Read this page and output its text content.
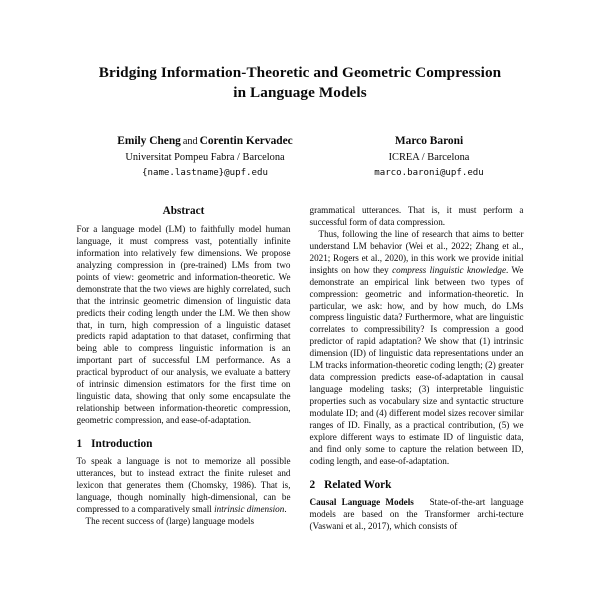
Bridging Information-Theoretic and Geometric Compression
in Language Models
Emily Cheng and Corentin Kervadec
Universitat Pompeu Fabra / Barcelona
{name.lastname}@upf.edu
Marco Baroni
ICREA / Barcelona
marco.baroni@upf.edu
Abstract

For a language model (LM) to faithfully model human language, it must compress vast, potentially infinite information into relatively few dimensions. We propose analyzing compression in (pre-trained) LMs from two points of view: geometric and information-theoretic. We demonstrate that the two views are highly correlated, such that the intrinsic geometric dimension of linguistic data predicts their coding length under the LM. We then show that, in turn, high compression of a linguistic dataset predicts rapid adaptation to that dataset, confirming that being able to compress linguistic information is an important part of successful LM performance. As a practical byproduct of our analysis, we evaluate a battery of intrinsic dimension estimators for the first time on linguistic data, showing that only some encapsulate the relationship between information-theoretic compression, geometric compression, and ease-of-adaptation.

1 Introduction

To speak a language is not to memorize all possible utterances, but to instead extract the finite ruleset and lexicon that generates them (Chomsky, 1986). That is, language, though nominally high-dimensional, can be compressed to a comparatively small intrinsic dimension.

The recent success of (large) language models

grammatical utterances. That is, it must perform a successful form of data compression.

Thus, following the line of research that aims to better understand LM behavior (Wei et al., 2022; Zhang et al., 2021; Rogers et al., 2020), in this work we provide initial insights on how they compress linguistic knowledge. We demonstrate an empirical link between two types of compression: geometric and information-theoretic. In particular, we ask: how, and by how much, do LMs compress linguistic data? Furthermore, what are linguistic correlates to compressibility? Is compression a good predictor of rapid adaptation? We show that (1) intrinsic dimension (ID) of linguistic data representations under an LM tracks information-theoretic coding length; (2) greater data compression predicts ease-of-adaptation in causal language modeling tasks; (3) interpretable linguistic properties such as vocabulary size and syntactic structure modulate ID; and (4) different model sizes recover similar ranges of ID. Finally, as a practical contribution, (5) we explore different ways to estimate ID of linguistic data, and find only some to capture the relation between ID, coding length, and ease-of-adaptation.

2 Related Work

Causal Language Models State-of-the-art language models are based on the Transformer archi-tecture (Vaswani et al., 2017), which consists of
